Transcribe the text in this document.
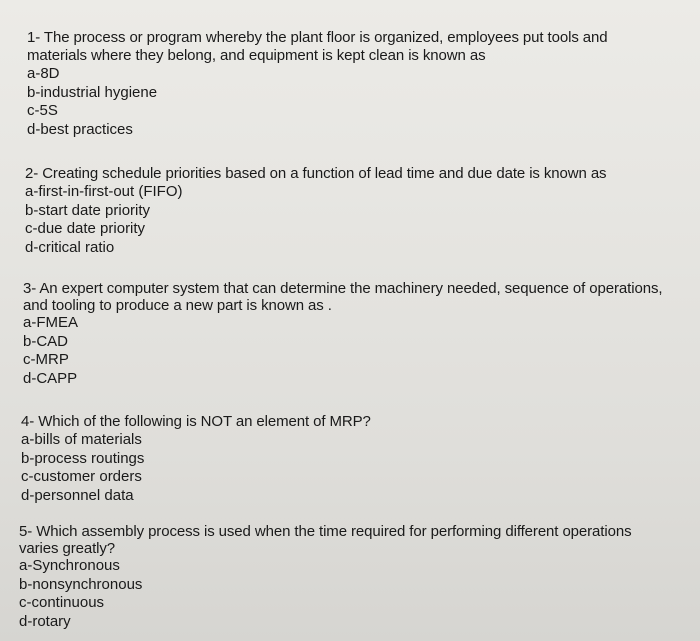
1- The process or program whereby the plant floor is organized, employees put tools and materials where they belong, and equipment is kept clean is known as

a-8D
b-industrial hygiene
c-5S
d-best practices

2- Creating schedule priorities based on a function of lead time and due date is known as

a-first-in-first-out (FIFO)
b-start date priority
c-due date priority
d-critical ratio

3- An expert computer system that can determine the machinery needed, sequence of operations, and tooling to produce a new part is known as .

a-FMEA
b-CAD
c-MRP
d-CAPP

4- Which of the following is NOT an element of MRP?

a-bills of materials
b-process routings
c-customer orders
d-personnel data

5- Which assembly process is used when the time required for performing different operations varies greatly?

a-Synchronous
b-nonsynchronous
c-continuous
d-rotary
